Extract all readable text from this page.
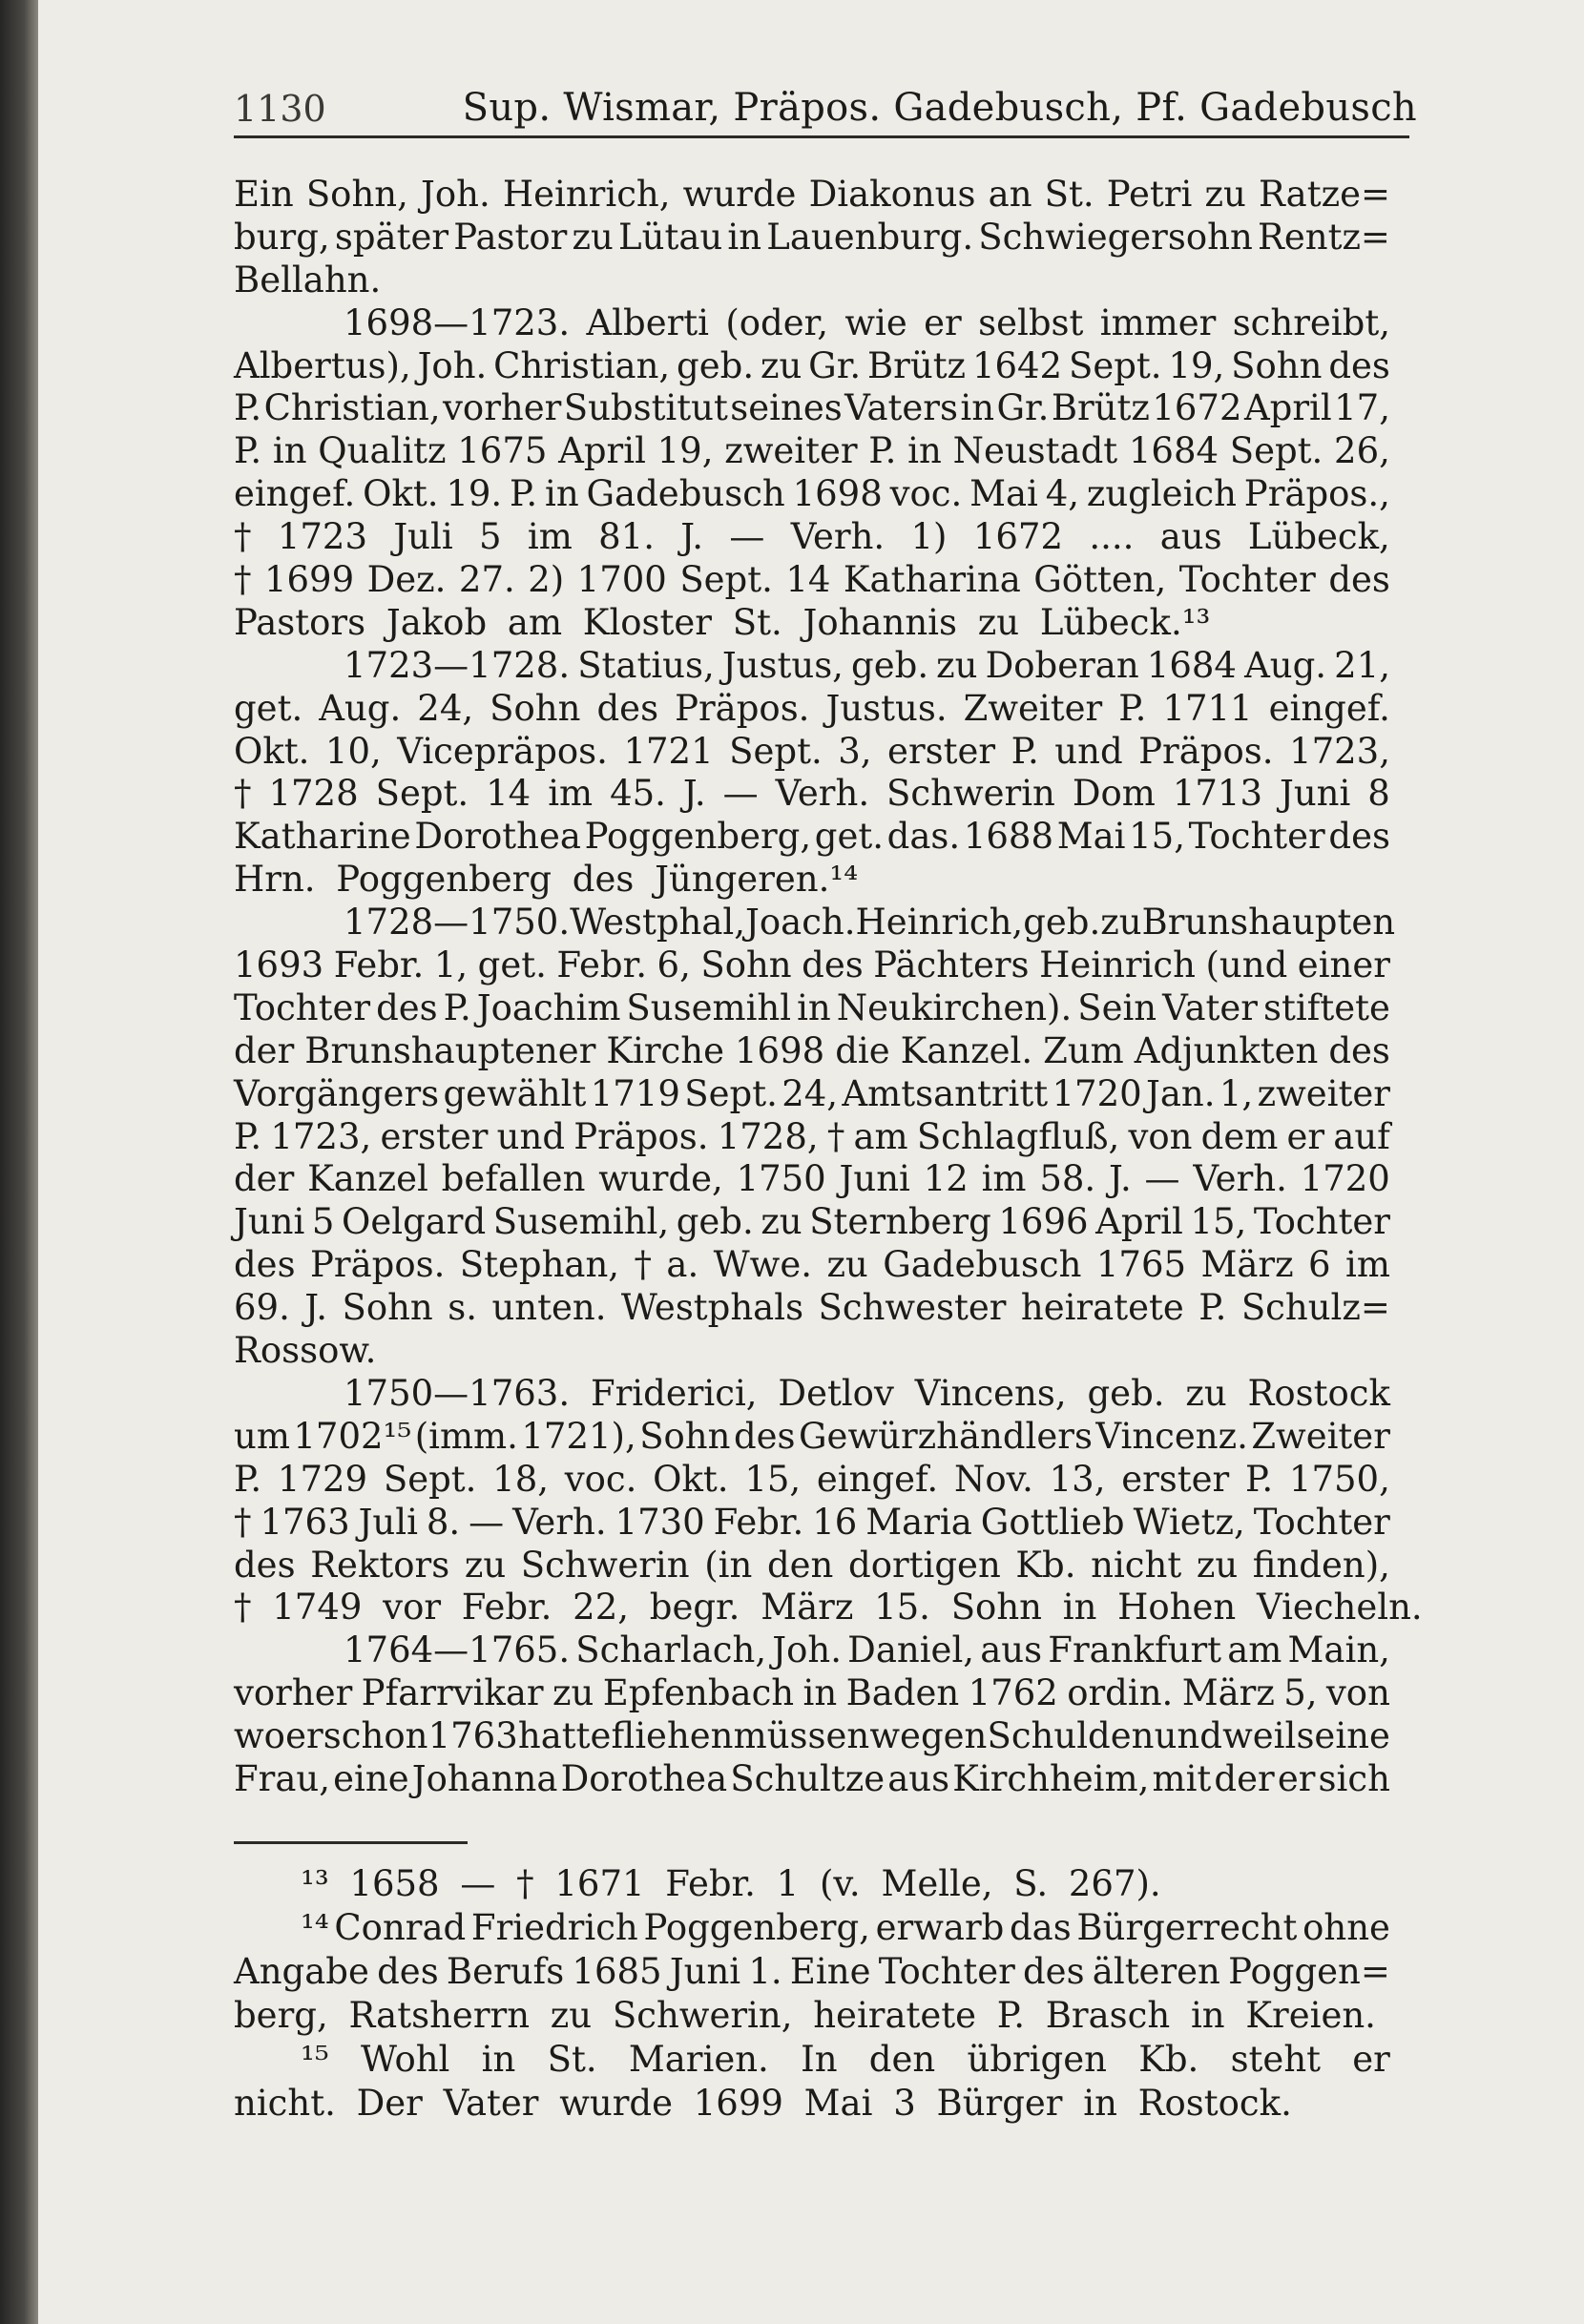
1130	Sup. Wismar, Präpos. Gadebusch, Pf. Gadebusch
Ein Sohn, Joh. Heinrich, wurde Diakonus an St. Petri zu Ratze=
burg, später Pastor zu Lütau in Lauenburg. Schwiegersohn Rentz=
Bellahn.
1698—1723. Alberti (oder, wie er selbst immer schreibt,
Albertus), Joh. Christian, geb. zu Gr. Brütz 1642 Sept. 19, Sohn des
P. Christian, vorher Substitut seines Vaters in Gr. Brütz 1672 April 17,
P. in Qualitz 1675 April 19, zweiter P. in Neustadt 1684 Sept. 26,
eingef. Okt. 19. P. in Gadebusch 1698 voc. Mai 4, zugleich Präpos.,
† 1723 Juli 5 im 81. J. — Verh. 1) 1672 .... aus Lübeck,
† 1699 Dez. 27. 2) 1700 Sept. 14 Katharina Götten, Tochter des
Pastors Jakob am Kloster St. Johannis zu Lübeck.¹³
1723—1728. Statius, Justus, geb. zu Doberan 1684 Aug. 21,
get. Aug. 24, Sohn des Präpos. Justus. Zweiter P. 1711 eingef.
Okt. 10, Vicepräpos. 1721 Sept. 3, erster P. und Präpos. 1723,
† 1728 Sept. 14 im 45. J. — Verh. Schwerin Dom 1713 Juni 8
Katharine Dorothea Poggenberg, get. das. 1688 Mai 15, Tochter des
Hrn. Poggenberg des Jüngeren.¹⁴
1728—1750. Westphal, Joach. Heinrich, geb. zu Brunshaupten
1693 Febr. 1, get. Febr. 6, Sohn des Pächters Heinrich (und einer
Tochter des P. Joachim Susemihl in Neukirchen). Sein Vater stiftete
der Brunshauptener Kirche 1698 die Kanzel. Zum Adjunkten des
Vorgängers gewählt 1719 Sept. 24, Amtsantritt 1720 Jan. 1, zweiter
P. 1723, erster und Präpos. 1728, † am Schlagfluß, von dem er auf
der Kanzel befallen wurde, 1750 Juni 12 im 58. J. — Verh. 1720
Juni 5 Oelgard Susemihl, geb. zu Sternberg 1696 April 15, Tochter
des Präpos. Stephan, † a. Wwe. zu Gadebusch 1765 März 6 im
69. J. Sohn s. unten. Westphals Schwester heiratete P. Schulz=
Rossow.
1750—1763. Friderici, Detlov Vincens, geb. zu Rostock
um 1702¹⁵ (imm. 1721), Sohn des Gewürzhändlers Vincenz. Zweiter
P. 1729 Sept. 18, voc. Okt. 15, eingef. Nov. 13, erster P. 1750,
† 1763 Juli 8. — Verh. 1730 Febr. 16 Maria Gottlieb Wietz, Tochter
des Rektors zu Schwerin (in den dortigen Kb. nicht zu finden),
† 1749 vor Febr. 22, begr. März 15. Sohn in Hohen Viecheln.
1764—1765. Scharlach, Joh. Daniel, aus Frankfurt am Main,
vorher Pfarrvikar zu Epfenbach in Baden 1762 ordin. März 5, von
wo er schon 1763 hatte fliehen müssen wegen Schulden und weil seine
Frau, eine Johanna Dorothea Schultze aus Kirchheim, mit der er sich
¹³ 1658 — † 1671 Febr. 1 (v. Melle, S. 267).
¹⁴ Conrad Friedrich Poggenberg, erwarb das Bürgerrecht ohne
Angabe des Berufs 1685 Juni 1. Eine Tochter des älteren Poggen=
berg, Ratsherrn zu Schwerin, heiratete P. Brasch in Kreien.
¹⁵ Wohl in St. Marien. In den übrigen Kb. steht er
nicht. Der Vater wurde 1699 Mai 3 Bürger in Rostock.
